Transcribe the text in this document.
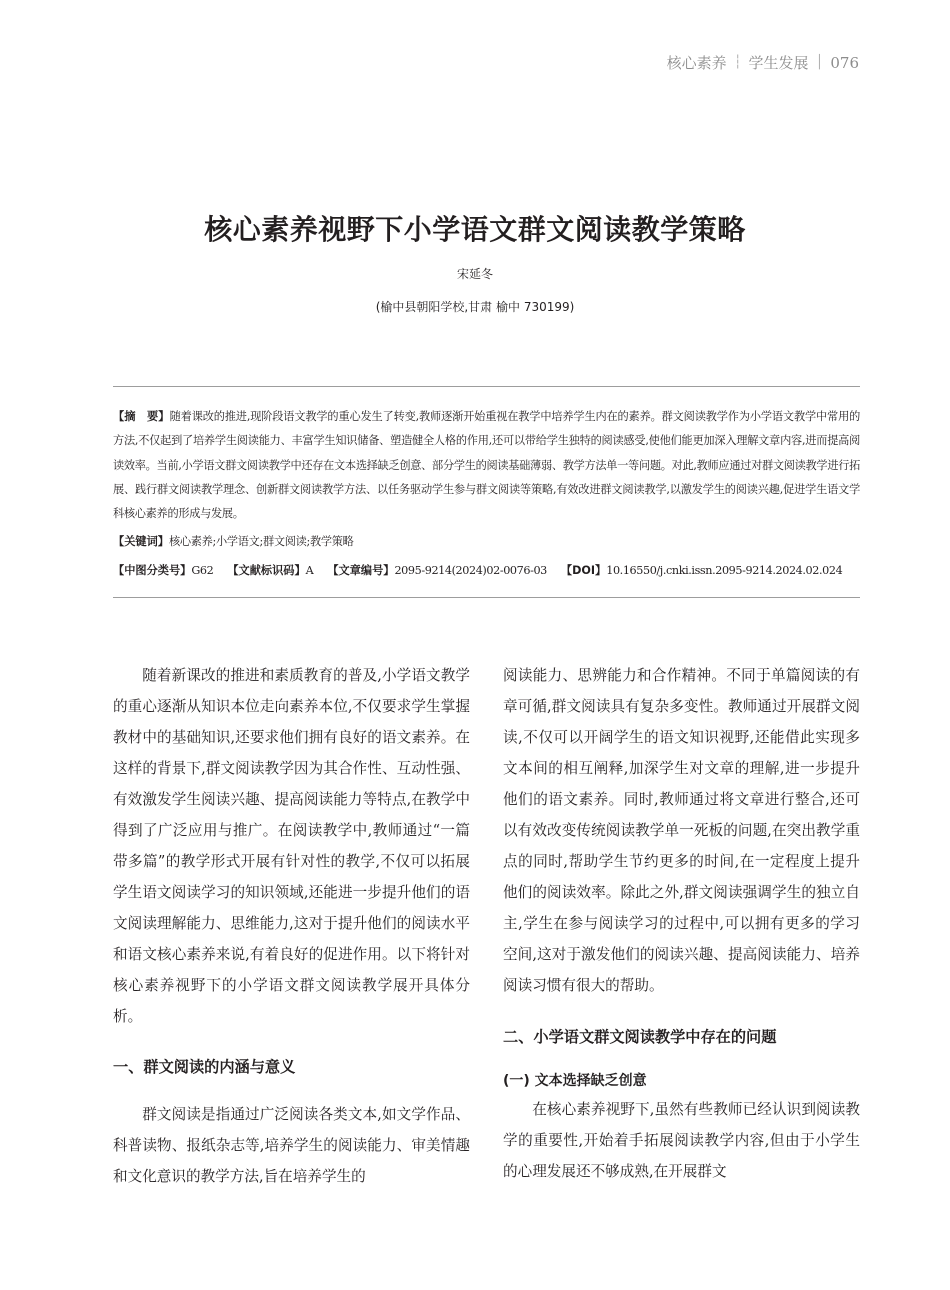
核心素养 ┆ 学生发展 │ 076
核心素养视野下小学语文群文阅读教学策略
宋延冬
(榆中县朝阳学校,甘肃 榆中 730199)

【摘　要】随着课改的推进,现阶段语文教学的重心发生了转变,教师逐渐开始重视在教学中培养学生内在的素养。群文阅读教学作为小学语文教学中常用的方法,不仅起到了培养学生阅读能力、丰富学生知识储备、塑造健全人格的作用,还可以带给学生独特的阅读感受,使他们能更加深入理解文章内容,进而提高阅读效率。当前,小学语文群文阅读教学中还存在文本选择缺乏创意、部分学生的阅读基础薄弱、教学方法单一等问题。对此,教师应通过对群文阅读教学进行拓展、践行群文阅读教学理念、创新群文阅读教学方法、以任务驱动学生参与群文阅读等策略,有效改进群文阅读教学,以激发学生的阅读兴趣,促进学生语文学科核心素养的形成与发展。

【关键词】核心素养;小学语文;群文阅读;教学策略

【中图分类号】G62 【文献标识码】A 【文章编号】2095-9214(2024)02-0076-03 【DOI】10.16550/j.cnki.issn.2095-9214.2024.02.024

随着新课改的推进和素质教育的普及,小学语文教学的重心逐渐从知识本位走向素养本位,不仅要求学生掌握教材中的基础知识,还要求他们拥有良好的语文素养。在这样的背景下,群文阅读教学因为其合作性、互动性强、有效激发学生阅读兴趣、提高阅读能力等特点,在教学中得到了广泛应用与推广。在阅读教学中,教师通过“一篇带多篇”的教学形式开展有针对性的教学,不仅可以拓展学生语文阅读学习的知识领域,还能进一步提升他们的语文阅读理解能力、思维能力,这对于提升他们的阅读水平和语文核心素养来说,有着良好的促进作用。以下将针对核心素养视野下的小学语文群文阅读教学展开具体分析。

一、群文阅读的内涵与意义

群文阅读是指通过广泛阅读各类文本,如文学作品、科普读物、报纸杂志等,培养学生的阅读能力、审美情趣和文化意识的教学方法,旨在培养学生的

阅读能力、思辨能力和合作精神。不同于单篇阅读的有章可循,群文阅读具有复杂多变性。教师通过开展群文阅读,不仅可以开阔学生的语文知识视野,还能借此实现多文本间的相互阐释,加深学生对文章的理解,进一步提升他们的语文素养。同时,教师通过将文章进行整合,还可以有效改变传统阅读教学单一死板的问题,在突出教学重点的同时,帮助学生节约更多的时间,在一定程度上提升他们的阅读效率。除此之外,群文阅读强调学生的独立自主,学生在参与阅读学习的过程中,可以拥有更多的学习空间,这对于激发他们的阅读兴趣、提高阅读能力、培养阅读习惯有很大的帮助。

二、小学语文群文阅读教学中存在的问题
(一) 文本选择缺乏创意

在核心素养视野下,虽然有些教师已经认识到阅读教学的重要性,开始着手拓展阅读教学内容,但由于小学生的心理发展还不够成熟,在开展群文
